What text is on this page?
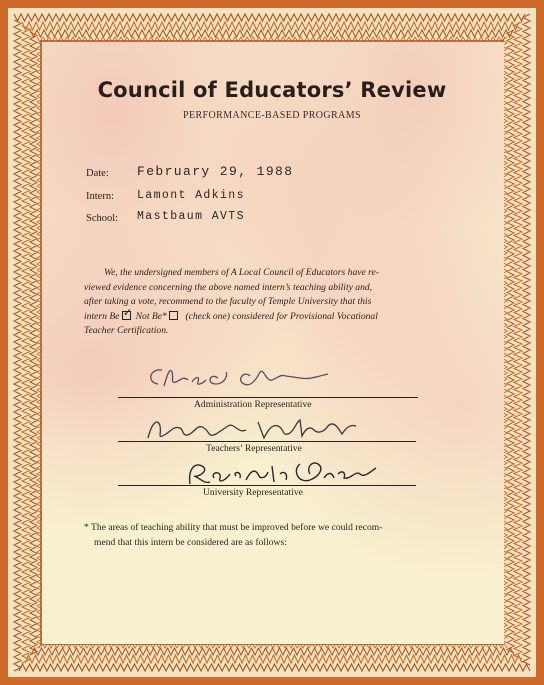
Council of Educators’ Review
PERFORMANCE-BASED PROGRAMS
Date: February 29, 1988
Intern: Lamont Adkins
School: Mastbaum AVTS

We, the undersigned members of A Local Council of Educators have re-

viewed evidence concerning the above named intern’s teaching ability and,

after taking a vote, recommend to the faculty of Temple University that this

intern Be ✓ Not Be* (check one) considered for Provisional Vocational

Teacher Certification.

Administration Representative
Teachers’ Representative
University Representative

* The areas of teaching ability that must be improved before we could recom-

mend that this intern be considered are as follows:
